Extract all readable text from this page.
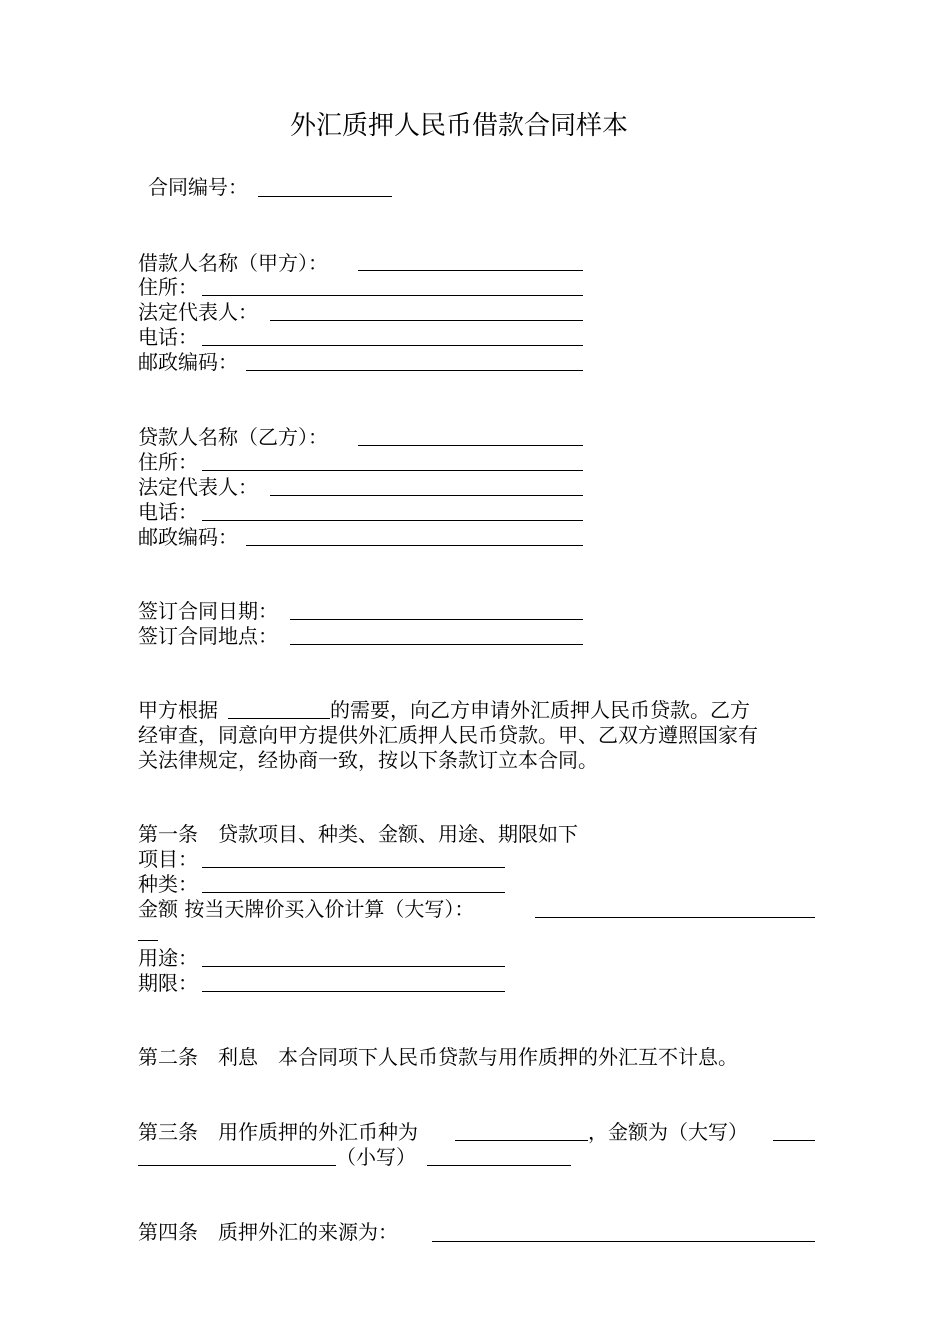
外汇质押人民币借款合同样本
合同编号：
借款人名称（甲方）：
住所：
法定代表人：
电话：
邮政编码：
贷款人名称（乙方）：
住所：
法定代表人：
电话：
邮政编码：
签订合同日期：
签订合同地点：
甲方根据	的需要，向乙方申请外汇质押人民币贷款。乙方
经审查，同意向甲方提供外汇质押人民币贷款。甲、乙双方遵照国家有
关法律规定，经协商一致，按以下条款订立本合同。
第一条　贷款项目、种类、金额、用途、期限如下
项目：
种类：
金额 按当天牌价买入价计算（大写）：
用途：
期限：
第二条　利息　本合同项下人民币贷款与用作质押的外汇互不计息。
第三条　用作质押的外汇币种为	，金额为（大写）
（小写）
第四条　质押外汇的来源为：
